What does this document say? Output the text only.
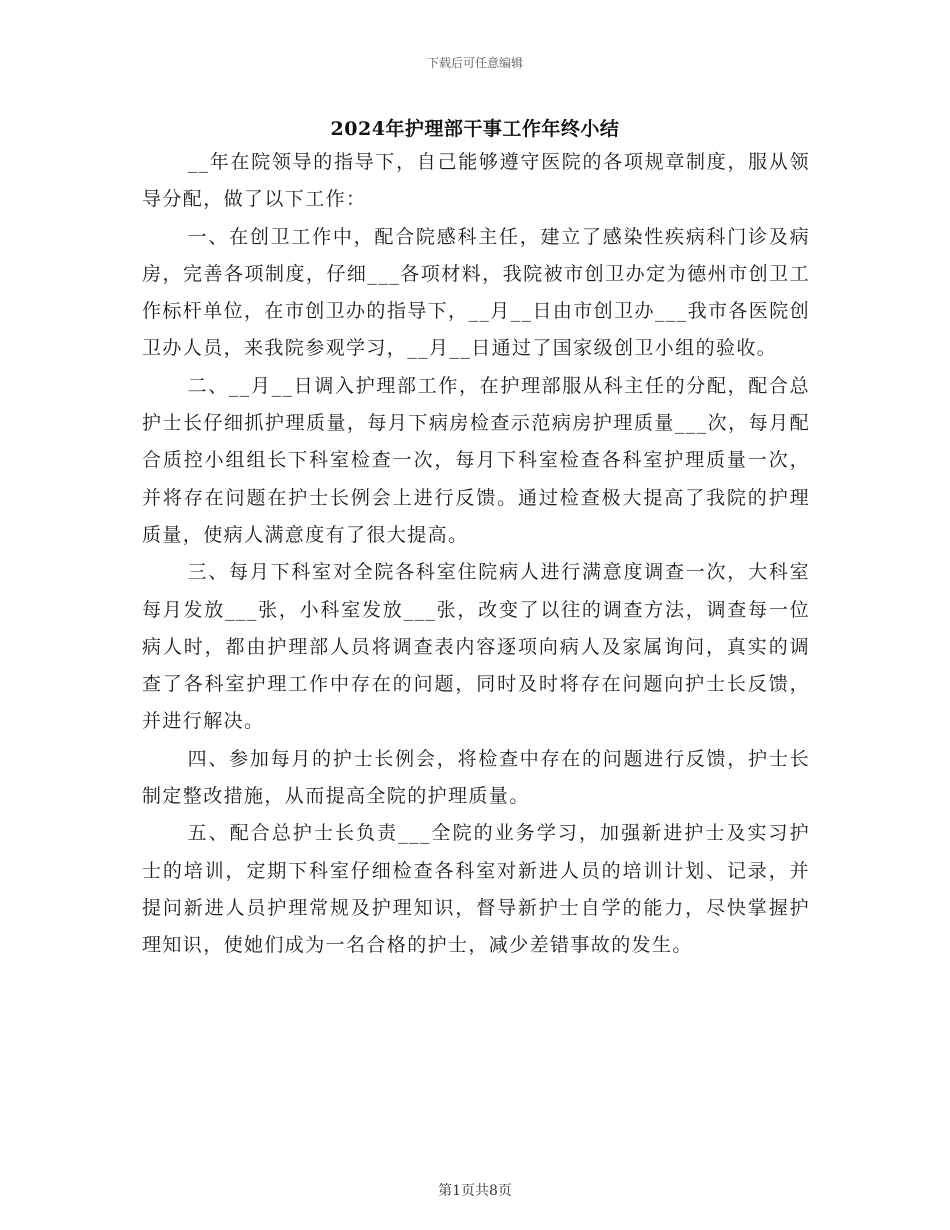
下载后可任意编辑
2024年护理部干事工作年终小结

__年在院领导的指导下，自己能够遵守医院的各项规章制度，服从领导分配，做了以下工作：

一、在创卫工作中，配合院感科主任，建立了感染性疾病科门诊及病房，完善各项制度，仔细___各项材料，我院被市创卫办定为德州市创卫工作标杆单位，在市创卫办的指导下，__月__日由市创卫办___我市各医院创卫办人员，来我院参观学习，__月__日通过了国家级创卫小组的验收。

二、__月__日调入护理部工作，在护理部服从科主任的分配，配合总护士长仔细抓护理质量，每月下病房检查示范病房护理质量___次，每月配合质控小组组长下科室检查一次，每月下科室检查各科室护理质量一次，并将存在问题在护士长例会上进行反馈。通过检查极大提高了我院的护理质量，使病人满意度有了很大提高。

三、每月下科室对全院各科室住院病人进行满意度调查一次，大科室每月发放___张，小科室发放___张，改变了以往的调查方法，调查每一位病人时，都由护理部人员将调查表内容逐项向病人及家属询问，真实的调查了各科室护理工作中存在的问题，同时及时将存在问题向护士长反馈，并进行解决。

四、参加每月的护士长例会，将检查中存在的问题进行反馈，护士长制定整改措施，从而提高全院的护理质量。

五、配合总护士长负责___全院的业务学习，加强新进护士及实习护士的培训，定期下科室仔细检查各科室对新进人员的培训计划、记录，并提问新进人员护理常规及护理知识，督导新护士自学的能力，尽快掌握护理知识，使她们成为一名合格的护士，减少差错事故的发生。

第1页共8页
